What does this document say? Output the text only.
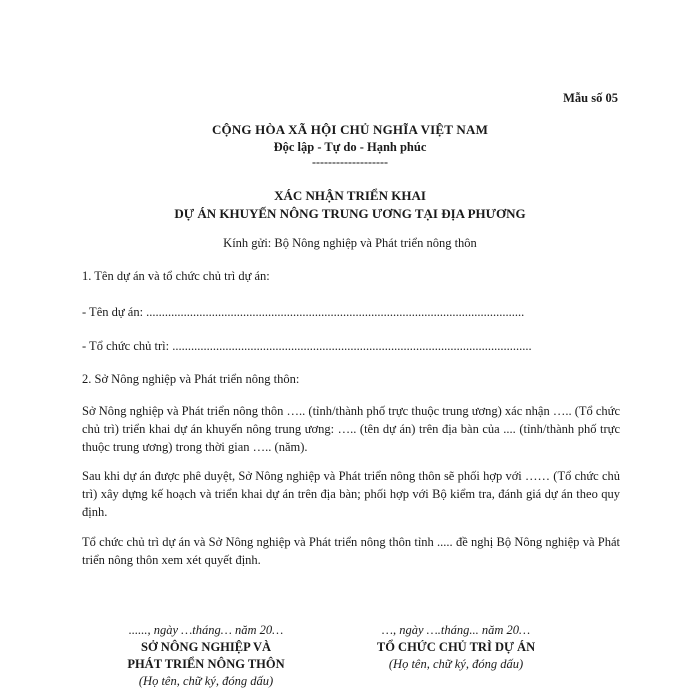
Mẫu số 05
CỘNG HÒA XÃ HỘI CHỦ NGHĨA VIỆT NAM
Độc lập - Tự do - Hạnh phúc
-------------------
XÁC NHẬN TRIỂN KHAI
DỰ ÁN KHUYẾN NÔNG TRUNG ƯƠNG TẠI ĐỊA PHƯƠNG
Kính gửi: Bộ Nông nghiệp và Phát triển nông thôn
1. Tên dự án và tổ chức chủ trì dự án:
- Tên dự án: .........................................................................................................................
- Tổ chức chủ trì: ...................................................................................................................
2. Sở Nông nghiệp và Phát triển nông thôn:
Sở Nông nghiệp và Phát triển nông thôn ….. (tỉnh/thành phố trực thuộc trung ương) xác nhận ….. (Tổ chức chủ trì) triển khai dự án khuyến nông trung ương: ….. (tên dự án) trên địa bàn của .... (tỉnh/thành phố trực thuộc trung ương) trong thời gian ….. (năm).
Sau khi dự án được phê duyệt, Sở Nông nghiệp và Phát triển nông thôn sẽ phối hợp với …… (Tổ chức chủ trì) xây dựng kế hoạch và triển khai dự án trên địa bàn; phối hợp với Bộ kiểm tra, đánh giá dự án theo quy định.
Tổ chức chủ trì dự án và Sở Nông nghiệp và Phát triển nông thôn tỉnh ..... đề nghị Bộ Nông nghiệp và Phát triển nông thôn xem xét quyết định.
......, ngày …tháng… năm 20…
SỞ NÔNG NGHIỆP VÀ
PHÁT TRIỂN NÔNG THÔN
(Họ tên, chữ ký, đóng dấu)
…, ngày ….tháng... năm 20…
TỔ CHỨC CHỦ TRÌ DỰ ÁN
(Họ tên, chữ ký, đóng dấu)
